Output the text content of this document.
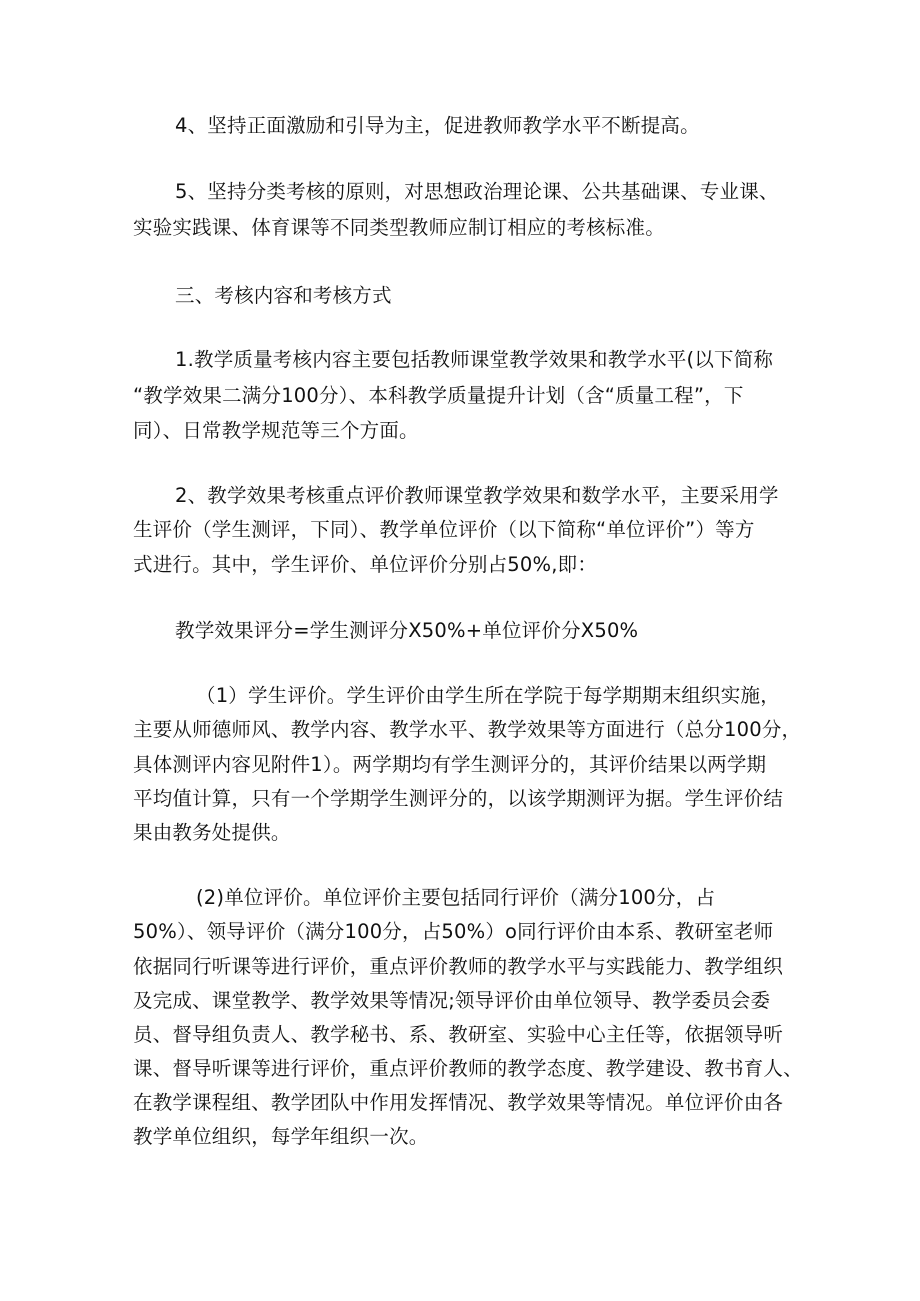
4、坚持正面激励和引导为主，促进教师教学水平不断提高。

5、坚持分类考核的原则，对思想政治理论课、公共基础课、专业课、

实验实践课、体育课等不同类型教师应制订相应的考核标准。

三、考核内容和考核方式

1.教学质量考核内容主要包括教师课堂教学效果和教学水平(以下简称

“教学效果二满分100分）、本科教学质量提升计划（含“质量工程”，下

同）、日常教学规范等三个方面。

2、教学效果考核重点评价教师课堂教学效果和数学水平，主要采用学

生评价（学生测评，下同）、教学单位评价（以下简称“单位评价”）等方

式进行。其中，学生评价、单位评价分别占50%,即：

教学效果评分=学生测评分X50%+单位评价分X50%

（1）学生评价。学生评价由学生所在学院于每学期期末组织实施，

主要从师德师风、教学内容、教学水平、教学效果等方面进行（总分100分，

具体测评内容见附件1）。两学期均有学生测评分的，其评价结果以两学期

平均值计算，只有一个学期学生测评分的，以该学期测评为据。学生评价结

果由教务处提供。

(2)单位评价。单位评价主要包括同行评价（满分100分，占

50%）、领导评价（满分100分，占50%）o同行评价由本系、教研室老师

依据同行听课等进行评价，重点评价教师的教学水平与实践能力、教学组织

及完成、课堂教学、教学效果等情况;领导评价由单位领导、教学委员会委

员、督导组负责人、教学秘书、系、教研室、实验中心主任等，依据领导听

课、督导听课等进行评价，重点评价教师的教学态度、教学建设、教书育人、

在教学课程组、教学团队中作用发挥情况、教学效果等情况。单位评价由各

教学单位组织，每学年组织一次。
